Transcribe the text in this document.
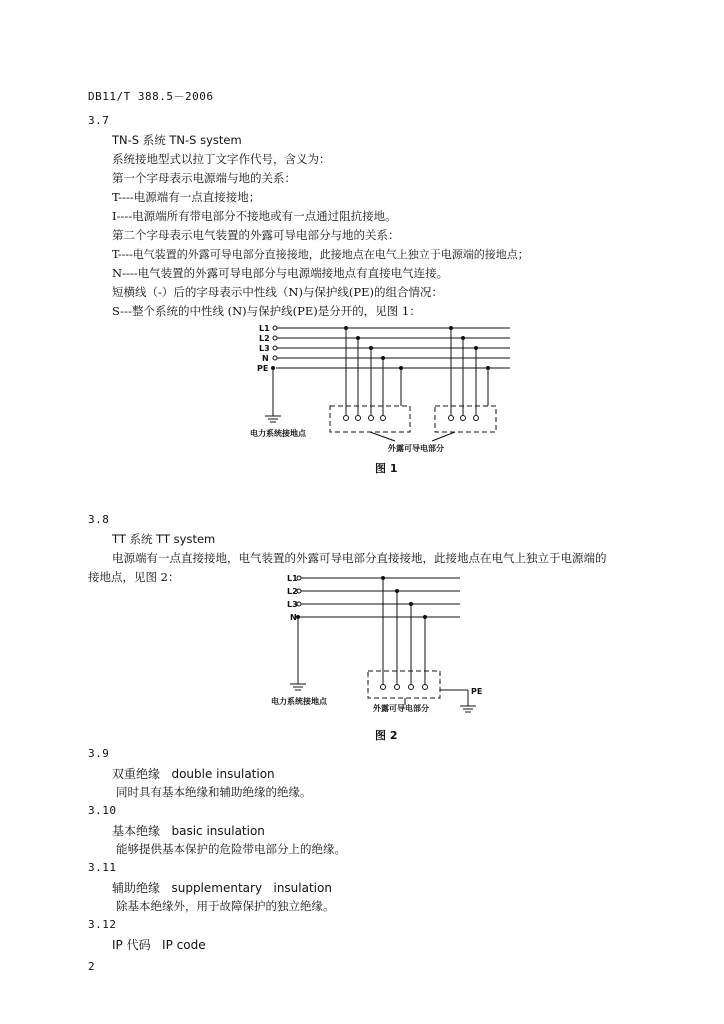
DB11/T 388.5－2006
3.7
TN-S 系统 TN-S system
系统接地型式以拉丁文字作代号，含义为：
第一个字母表示电源端与地的关系：
T----电源端有一点直接接地；
I----电源端所有带电部分不接地或有一点通过阻抗接地。
第二个字母表示电气装置的外露可导电部分与地的关系：
T----电气装置的外露可导电部分直接接地，此接地点在电气上独立于电源端的接地点；
N----电气装置的外露可导电部分与电源端接地点有直接电气连接。
短横线（-）后的字母表示中性线（N)与保护线(PE)的组合情况：
S---整个系统的中性线 (N)与保护线(PE)是分开的，见图 1：
L1
L2
L3
N
PE
电力系统接地点
外露可导电部分
图 1
3.8
TT 系统 TT system
电源端有一点直接接地，电气装置的外露可导电部分直接接地，此接地点在电气上独立于电源端的
接地点，见图 2：	L1
L2
L3
N
PE
电力系统接地点
外露可导电部分
图 2
3.9
双重绝缘 double insulation
同时具有基本绝缘和辅助绝缘的绝缘。
3.10
基本绝缘 basic insulation
能够提供基本保护的危险带电部分上的绝缘。
3.11
辅助绝缘 supplementary   insulation
除基本绝缘外，用于故障保护的独立绝缘。
3.12
IP 代码 IP code
2
